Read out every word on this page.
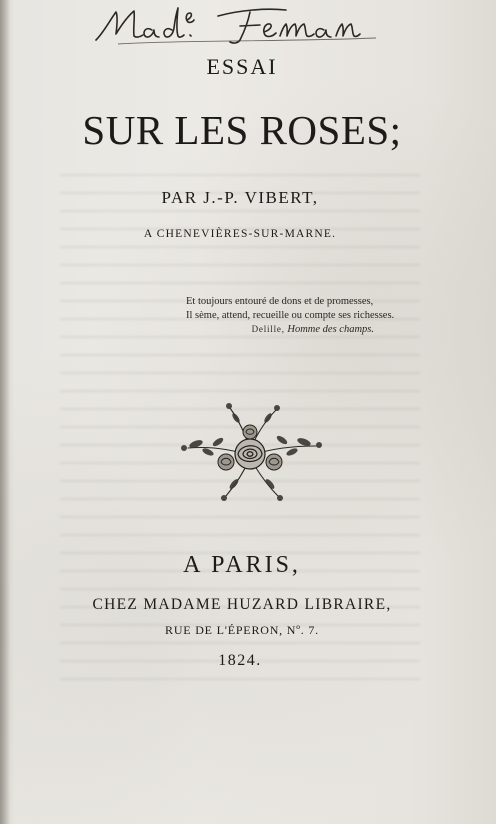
ESSAI
SUR LES ROSES;
PAR J.-P. VIBERT,
A CHENEVIÈRES-SUR-MARNE.
Et toujours entouré de dons et de promesses,
Il sème, attend, recueille ou compte ses richesses.
Delille, Homme des champs.
A PARIS,
CHEZ MADAME HUZARD LIBRAIRE,
RUE DE L'ÉPERON, Nº. 7.
1824.
